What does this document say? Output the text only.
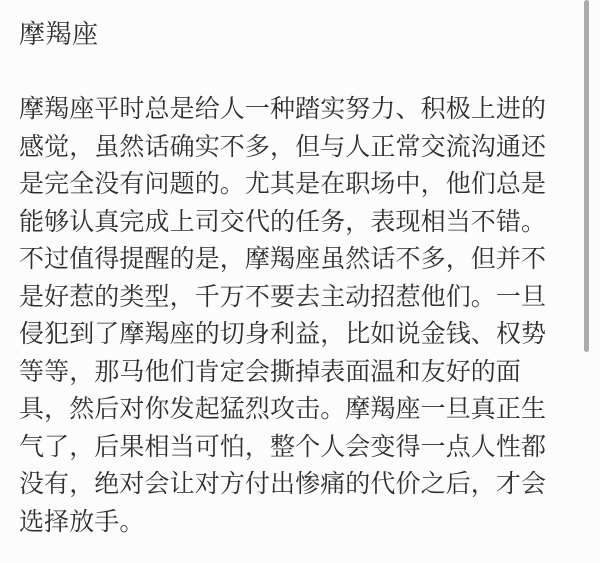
摩羯座
摩羯座平时总是给人一种踏实努力、积极上进的
感觉，虽然话确实不多，但与人正常交流沟通还
是完全没有问题的。尤其是在职场中，他们总是
能够认真完成上司交代的任务，表现相当不错。
不过值得提醒的是，摩羯座虽然话不多，但并不
是好惹的类型，千万不要去主动招惹他们。一旦
侵犯到了摩羯座的切身利益，比如说金钱、权势
等等，那马他们肯定会撕掉表面温和友好的面
具，然后对你发起猛烈攻击。摩羯座一旦真正生
气了，后果相当可怕，整个人会变得一点人性都
没有，绝对会让对方付出惨痛的代价之后，才会
选择放手。
